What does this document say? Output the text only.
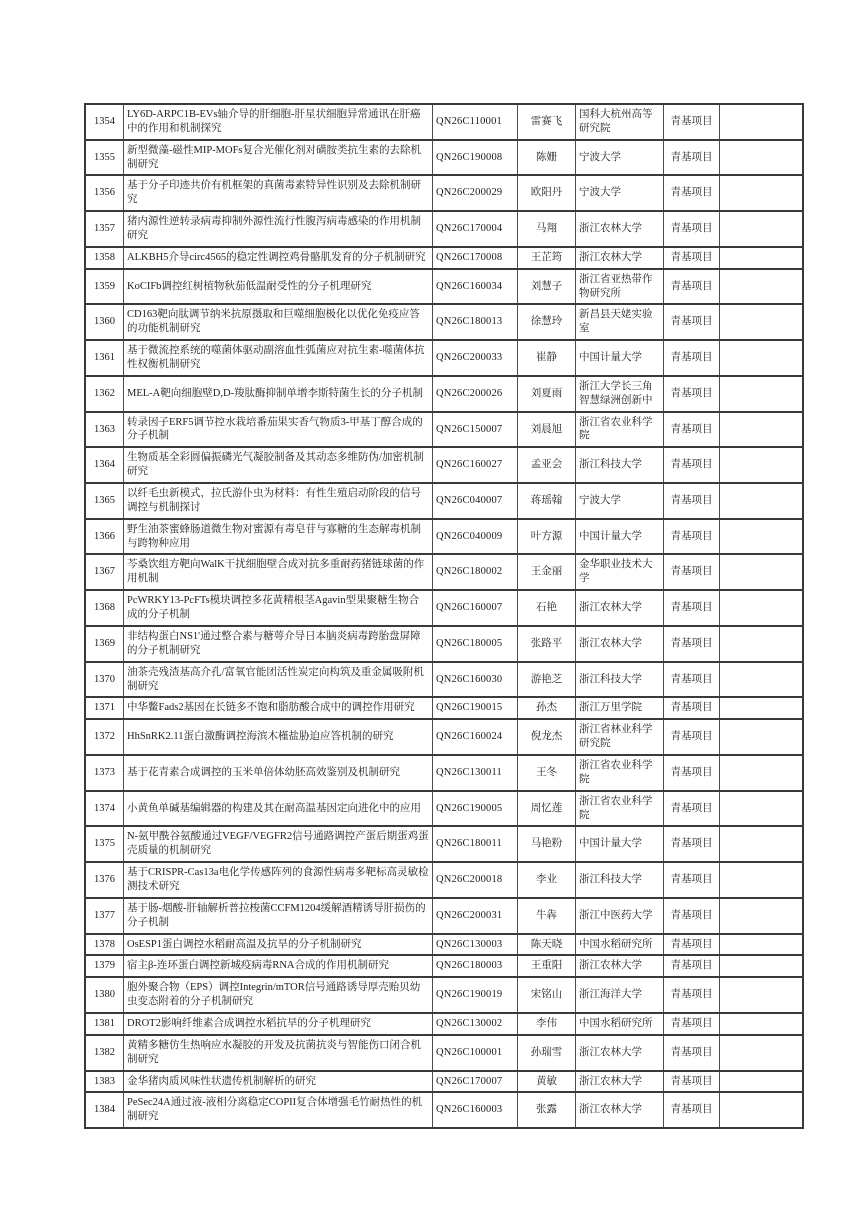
1354	LY6D-ARPC1B-EVs轴介导的肝细胞-肝星状细胞异常通讯在肝癌中的作用和机制探究	QN26C110001	雷赛飞	国科大杭州高等研究院	青基项目	
1355	新型微藻-磁性MIP-MOFs复合光催化剂对磺胺类抗生素的去除机制研究	QN26C190008	陈姗	宁波大学	青基项目	
1356	基于分子印迹共价有机框架的真菌毒素特异性识别及去除机制研究	QN26C200029	欧阳丹	宁波大学	青基项目	
1357	猪内源性逆转录病毒抑制外源性流行性腹泻病毒感染的作用机制研究	QN26C170004	马翔	浙江农林大学	青基项目	
1358	ALKBH5介导circ4565的稳定性调控鸡骨骼肌发育的分子机制研究	QN26C170008	王芷筠	浙江农林大学	青基项目	
1359	KoCIFb调控红树植物秋茄低温耐受性的分子机理研究	QN26C160034	刘慧子	浙江省亚热带作物研究所	青基项目	
1360	CD163靶向肽调节纳米抗原摄取和巨噬细胞极化以优化免疫应答的功能机制研究	QN26C180013	徐慧玲	新昌县天姥实验室	青基项目	
1361	基于微流控系统的噬菌体驱动副溶血性弧菌应对抗生素-噬菌体抗性权衡机制研究	QN26C200033	崔静	中国计量大学	青基项目	
1362	MEL-A靶向细胞壁D,D-羧肽酶抑制单增李斯特菌生长的分子机制	QN26C200026	刘夏雨	浙江大学长三角智慧绿洲创新中	青基项目	
1363	转录因子ERF5调节控水栽培番茄果实香气物质3-甲基丁醇合成的分子机制	QN26C150007	刘晨旭	浙江省农业科学院	青基项目	
1364	生物质基全彩圆偏振磷光气凝胶制备及其动态多维防伪/加密机制研究	QN26C160027	孟亚会	浙江科技大学	青基项目	
1365	以纤毛虫新模式，拉氏游仆虫为材料：有性生殖启动阶段的信号调控与机制探讨	QN26C040007	蒋瑶翰	宁波大学	青基项目	
1366	野生油茶蜜蜂肠道微生物对蜜源有毒皂苷与寡糖的生态解毒机制与跨物种应用	QN26C040009	叶方源	中国计量大学	青基项目	
1367	芩桑饮组方靶向WalK干扰细胞壁合成对抗多重耐药猪链球菌的作用机制	QN26C180002	王金丽	金华职业技术大学	青基项目	
1368	PcWRKY13-PcFTs模块调控多花黄精根茎Agavin型果聚糖生物合成的分子机制	QN26C160007	石艳	浙江农林大学	青基项目	
1369	非结构蛋白NS1'通过整合素与糖萼介导日本脑炎病毒跨胎盘屏障的分子机制研究	QN26C180005	张路平	浙江农林大学	青基项目	
1370	油茶壳残渣基高介孔/富氧官能团活性炭定向构筑及重金属吸附机制研究	QN26C160030	游艳芝	浙江科技大学	青基项目	
1371	中华鳖Fads2基因在长链多不饱和脂肪酸合成中的调控作用研究	QN26C190015	孙杰	浙江万里学院	青基项目	
1372	HhSnRK2.11蛋白激酶调控海滨木槿盐胁迫应答机制的研究	QN26C160024	倪龙杰	浙江省林业科学研究院	青基项目	
1373	基于花青素合成调控的玉米单倍体幼胚高效鉴别及机制研究	QN26C130011	王冬	浙江省农业科学院	青基项目	
1374	小黄鱼单碱基编辑器的构建及其在耐高温基因定向进化中的应用	QN26C190005	周忆莲	浙江省农业科学院	青基项目	
1375	N-氨甲酰谷氨酸通过VEGF/VEGFR2信号通路调控产蛋后期蛋鸡蛋壳质量的机制研究	QN26C180011	马艳粉	中国计量大学	青基项目	
1376	基于CRISPR-Cas13a电化学传感阵列的食源性病毒多靶标高灵敏检测技术研究	QN26C200018	李业	浙江科技大学	青基项目	
1377	基于肠-烟酸-肝轴解析普拉梭菌CCFM1204缓解酒精诱导肝损伤的分子机制	QN26C200031	牛犇	浙江中医药大学	青基项目	
1378	OsESP1蛋白调控水稻耐高温及抗旱的分子机制研究	QN26C130003	陈天晓	中国水稻研究所	青基项目	
1379	宿主β-连环蛋白调控新城疫病毒RNA合成的作用机制研究	QN26C180003	王重阳	浙江农林大学	青基项目	
1380	胞外聚合物（EPS）调控Integrin/mTOR信号通路诱导厚壳贻贝幼虫变态附着的分子机制研究	QN26C190019	宋铭山	浙江海洋大学	青基项目	
1381	DROT2影响纤维素合成调控水稻抗旱的分子机理研究	QN26C130002	李伟	中国水稻研究所	青基项目	
1382	黄精多糖仿生热响应水凝胶的开发及抗菌抗炎与智能伤口闭合机制研究	QN26C100001	孙瑞雪	浙江农林大学	青基项目	
1383	金华猪肉质风味性状遗传机制解析的研究	QN26C170007	黄敏	浙江农林大学	青基项目	
1384	PeSec24A通过液-液相分离稳定COPII复合体增强毛竹耐热性的机制研究	QN26C160003	张露	浙江农林大学	青基项目	
